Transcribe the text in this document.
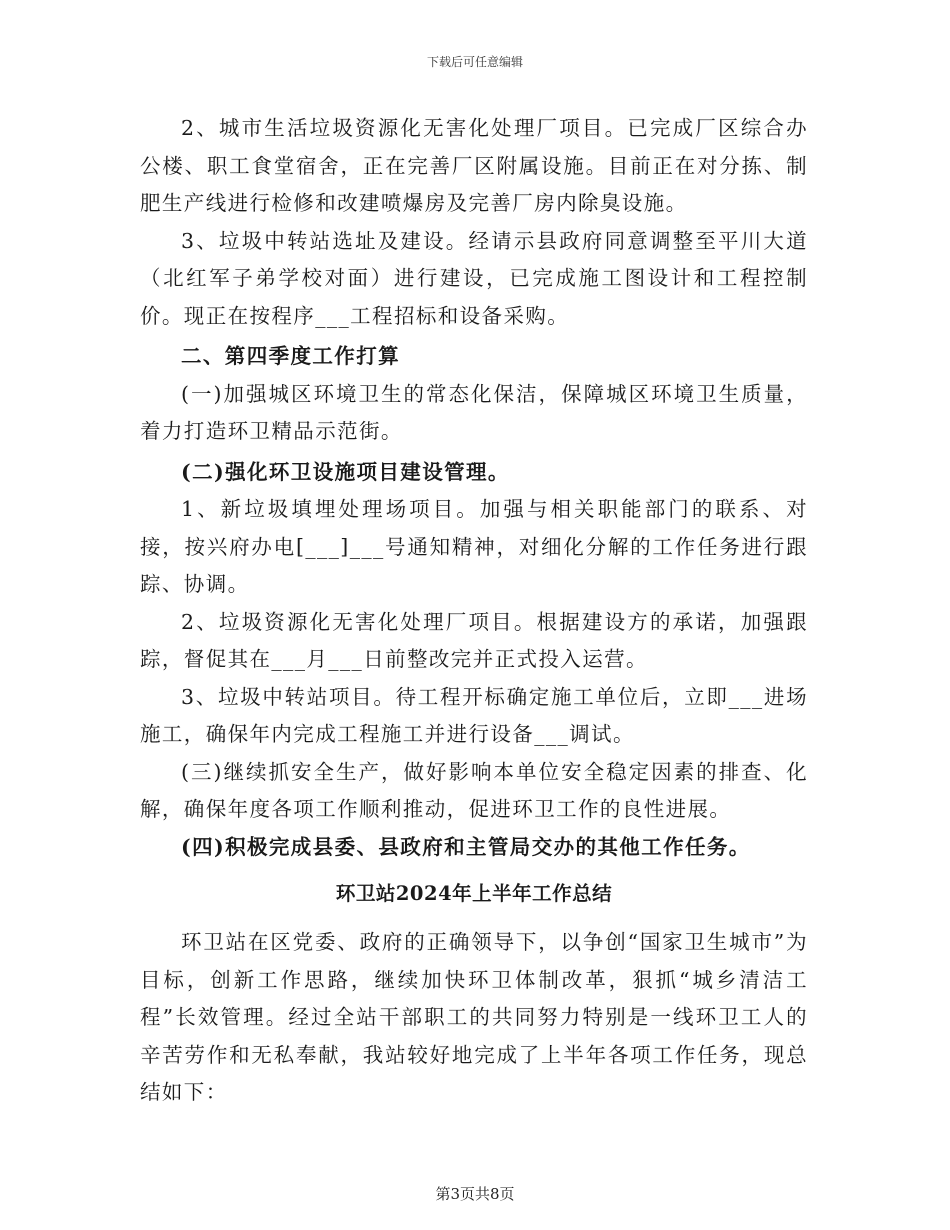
下载后可任意编辑

2、城市生活垃圾资源化无害化处理厂项目。已完成厂区综合办公楼、职工食堂宿舍，正在完善厂区附属设施。目前正在对分拣、制肥生产线进行检修和改建喷爆房及完善厂房内除臭设施。

3、垃圾中转站选址及建设。经请示县政府同意调整至平川大道（北红军子弟学校对面）进行建设，已完成施工图设计和工程控制价。现正在按程序___工程招标和设备采购。

二、第四季度工作打算

(一)加强城区环境卫生的常态化保洁，保障城区环境卫生质量，着力打造环卫精品示范街。

(二)强化环卫设施项目建设管理。

1、新垃圾填埋处理场项目。加强与相关职能部门的联系、对接，按兴府办电[___]___号通知精神，对细化分解的工作任务进行跟踪、协调。

2、垃圾资源化无害化处理厂项目。根据建设方的承诺，加强跟踪，督促其在___月___日前整改完并正式投入运营。

3、垃圾中转站项目。待工程开标确定施工单位后，立即___进场施工，确保年内完成工程施工并进行设备___调试。

(三)继续抓安全生产，做好影响本单位安全稳定因素的排查、化解，确保年度各项工作顺利推动，促进环卫工作的良性进展。

(四)积极完成县委、县政府和主管局交办的其他工作任务。

环卫站2024年上半年工作总结

环卫站在区党委、政府的正确领导下，以争创“国家卫生城市”为目标，创新工作思路，继续加快环卫体制改革，狠抓“城乡清洁工程”长效管理。经过全站干部职工的共同努力特别是一线环卫工人的辛苦劳作和无私奉献，我站较好地完成了上半年各项工作任务，现总结如下：

第3页共8页
